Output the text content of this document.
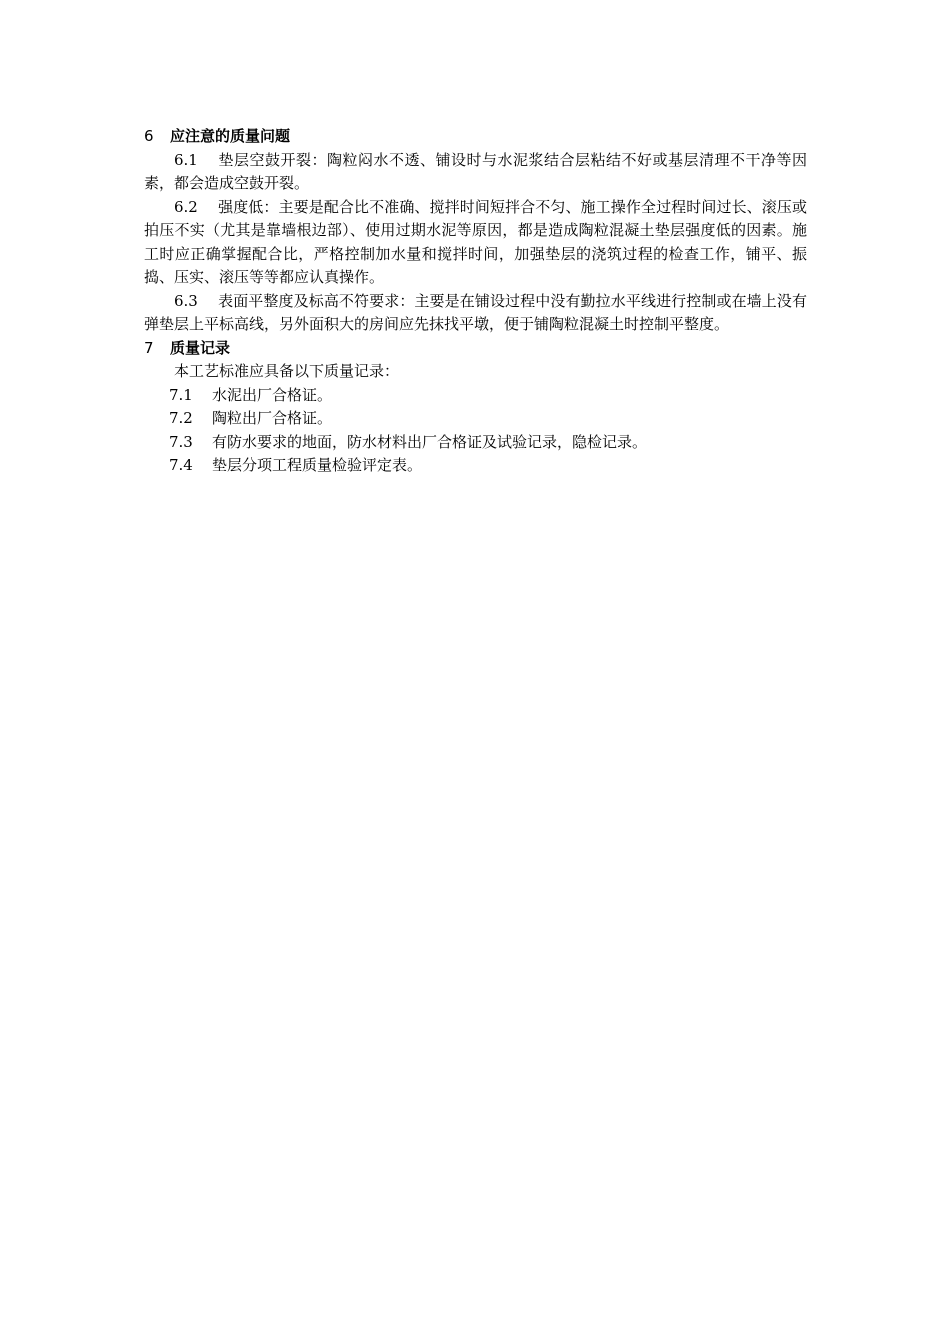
6 应注意的质量问题

6.1 垫层空鼓开裂：陶粒闷水不透、铺设时与水泥浆结合层粘结不好或基层清理不干净等因素，都会造成空鼓开裂。

6.2 强度低：主要是配合比不准确、搅拌时间短拌合不匀、施工操作全过程时间过长、滚压或拍压不实（尤其是靠墙根边部）、使用过期水泥等原因，都是造成陶粒混凝土垫层强度低的因素。施工时应正确掌握配合比，严格控制加水量和搅拌时间，加强垫层的浇筑过程的检查工作，铺平、振捣、压实、滚压等等都应认真操作。

6.3 表面平整度及标高不符要求：主要是在铺设过程中没有勤拉水平线进行控制或在墙上没有弹垫层上平标高线，另外面积大的房间应先抹找平墩，便于铺陶粒混凝土时控制平整度。

7 质量记录

本工艺标准应具备以下质量记录：

7.1 水泥出厂合格证。

7.2 陶粒出厂合格证。

7.3 有防水要求的地面，防水材料出厂合格证及试验记录，隐检记录。

7.4 垫层分项工程质量检验评定表。
